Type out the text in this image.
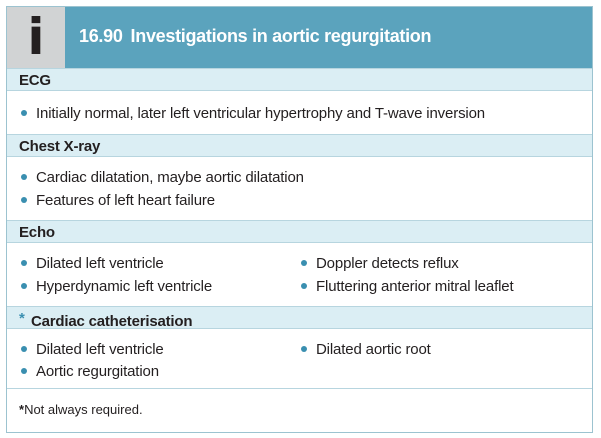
i	16.90 Investigations in aortic regurgitation
ECG
Initially normal, later left ventricular hypertrophy and T-wave inversion
Chest X-ray
Cardiac dilatation, maybe aortic dilatation
Features of left heart failure
Echo
Dilated left ventricle
Hyperdynamic left ventricle
Doppler detects reflux
Fluttering anterior mitral leaflet
Cardiac catheterisation
*
Dilated left ventricle
Aortic regurgitation
Dilated aortic root
*Not always required.
